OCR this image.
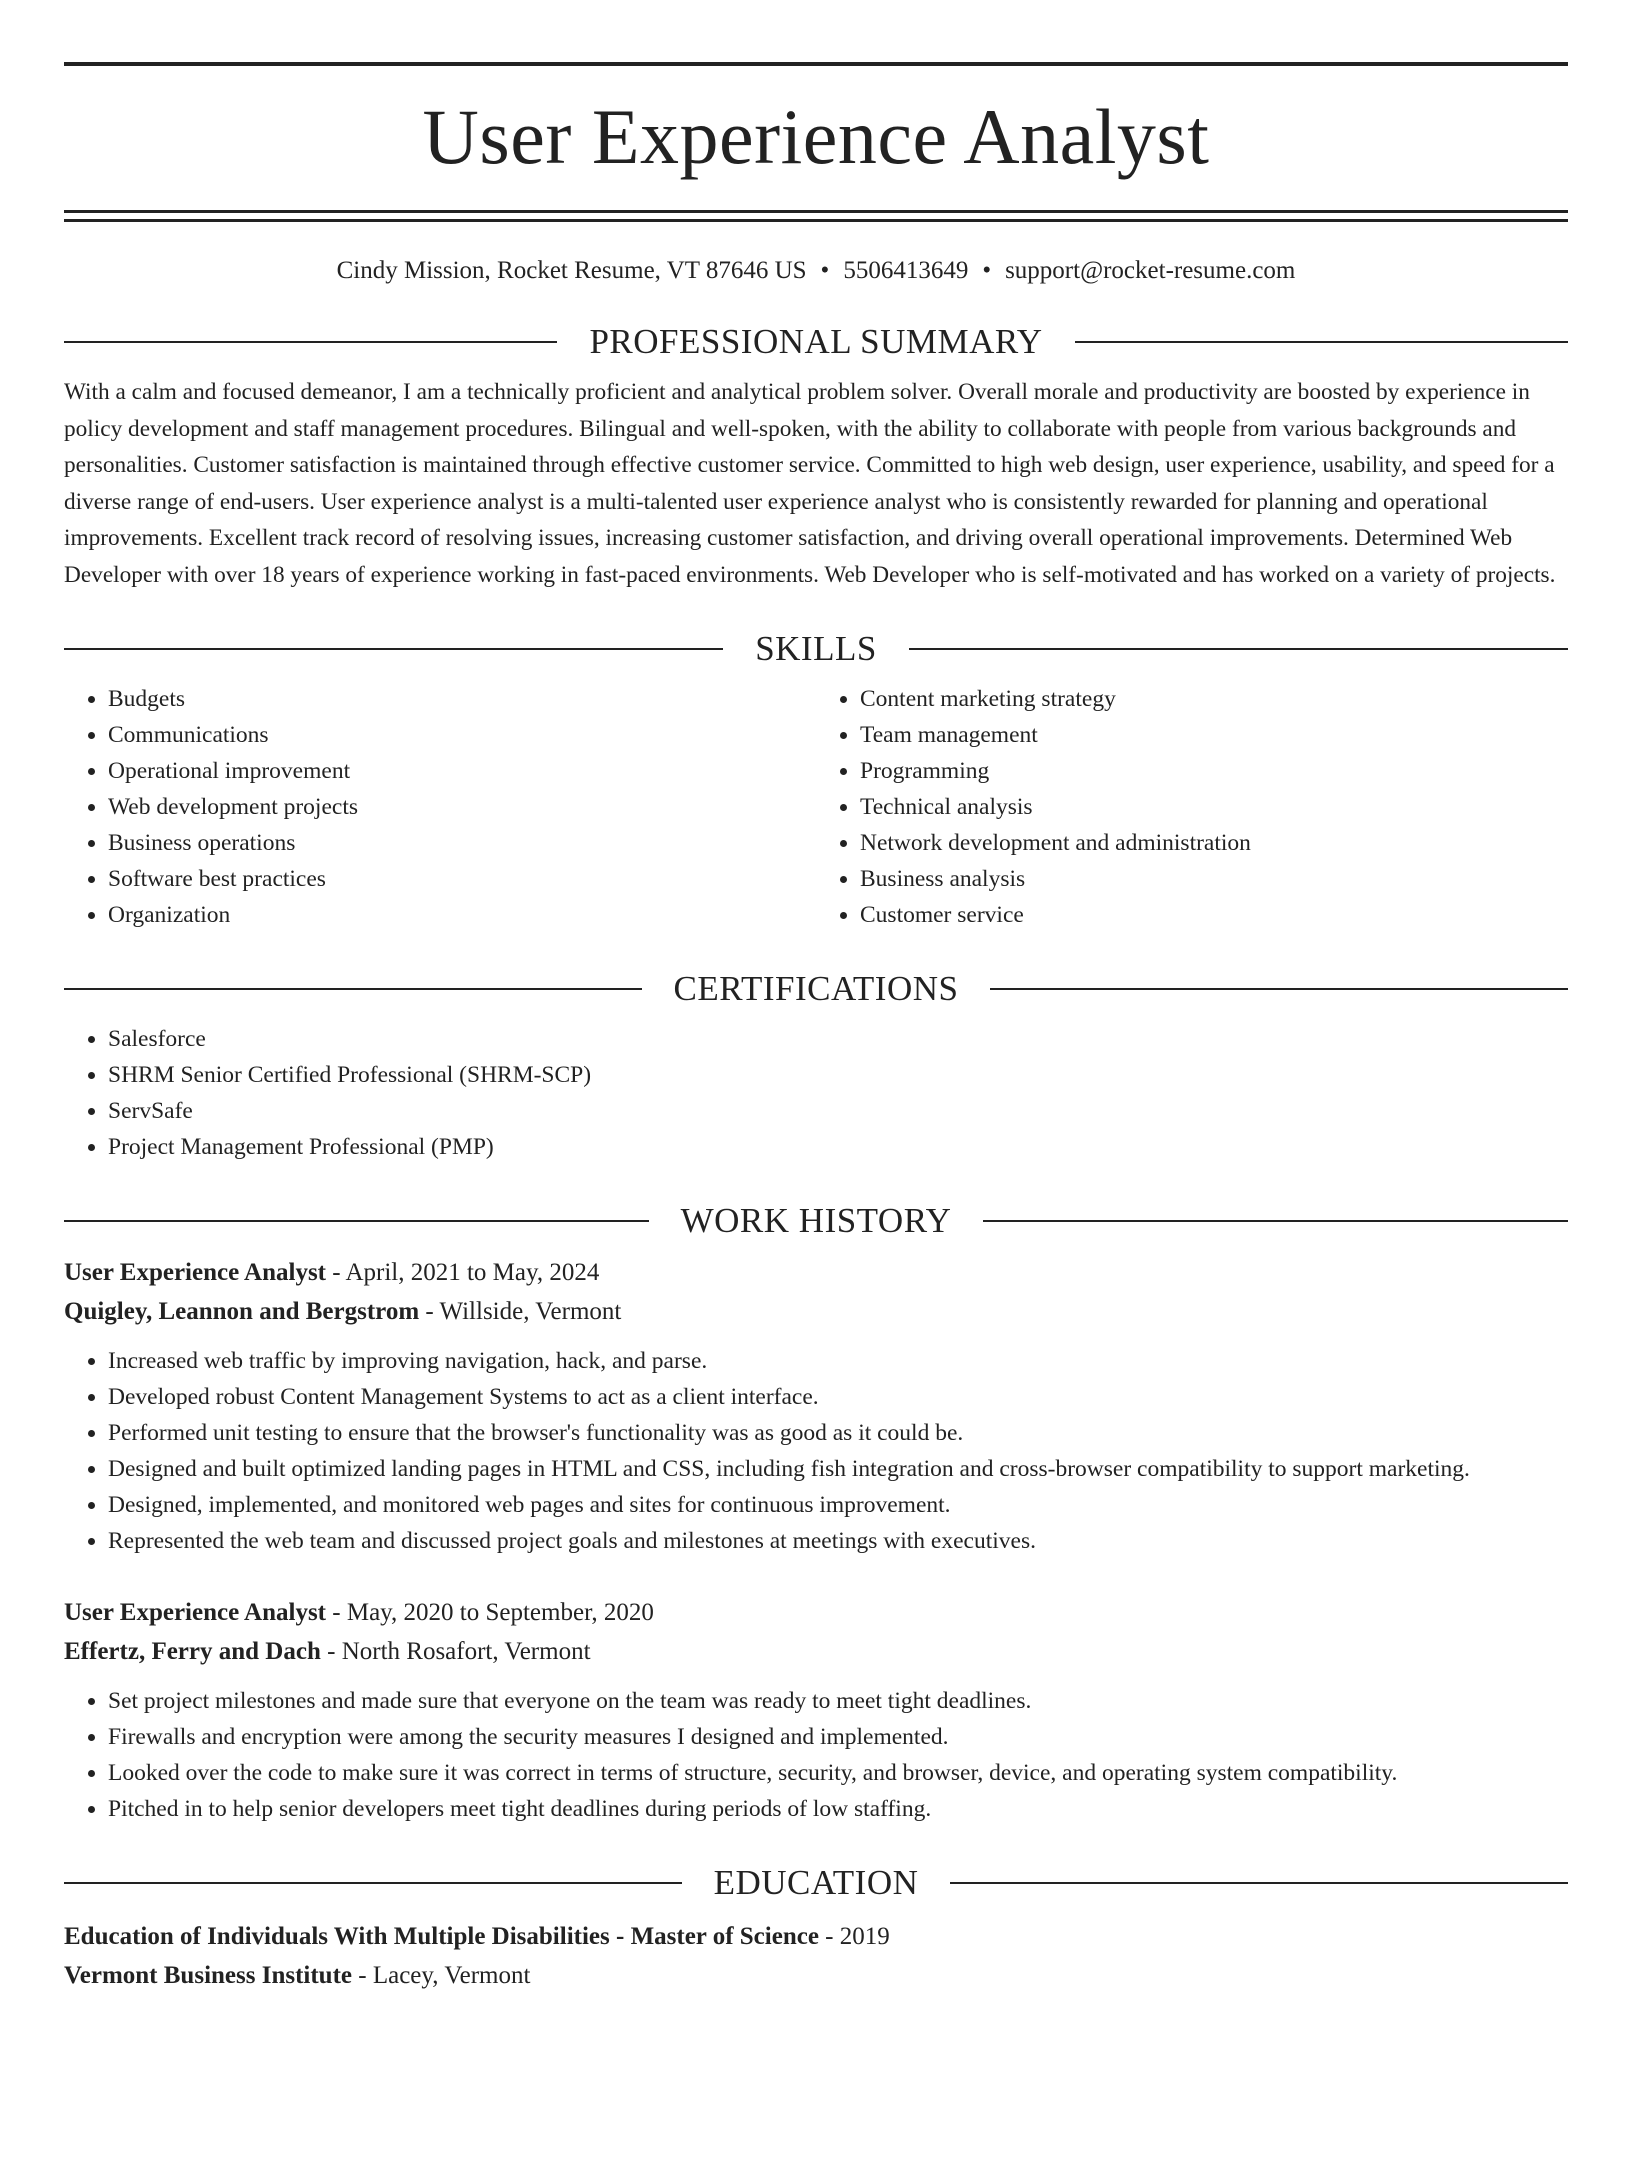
User Experience Analyst
Cindy Mission, Rocket Resume, VT 87646 US • 5506413649 • support@rocket-resume.com
PROFESSIONAL SUMMARY
With a calm and focused demeanor, I am a technically proficient and analytical problem solver. Overall morale and productivity are boosted by experience in policy development and staff management procedures. Bilingual and well-spoken, with the ability to collaborate with people from various backgrounds and personalities. Customer satisfaction is maintained through effective customer service. Committed to high web design, user experience, usability, and speed for a diverse range of end-users. User experience analyst is a multi-talented user experience analyst who is consistently rewarded for planning and operational improvements. Excellent track record of resolving issues, increasing customer satisfaction, and driving overall operational improvements. Determined Web Developer with over 18 years of experience working in fast-paced environments. Web Developer who is self-motivated and has worked on a variety of projects.
SKILLS
• Budgets
• Communications
• Operational improvement
• Web development projects
• Business operations
• Software best practices
• Organization
• Content marketing strategy
• Team management
• Programming
• Technical analysis
• Network development and administration
• Business analysis
• Customer service
CERTIFICATIONS
• Salesforce
• SHRM Senior Certified Professional (SHRM-SCP)
• ServSafe
• Project Management Professional (PMP)
WORK HISTORY
User Experience Analyst - April, 2021 to May, 2024
Quigley, Leannon and Bergstrom - Willside, Vermont
• Increased web traffic by improving navigation, hack, and parse.
• Developed robust Content Management Systems to act as a client interface.
• Performed unit testing to ensure that the browser's functionality was as good as it could be.
• Designed and built optimized landing pages in HTML and CSS, including fish integration and cross-browser compatibility to support marketing.
• Designed, implemented, and monitored web pages and sites for continuous improvement.
• Represented the web team and discussed project goals and milestones at meetings with executives.
User Experience Analyst - May, 2020 to September, 2020
Effertz, Ferry and Dach - North Rosafort, Vermont
• Set project milestones and made sure that everyone on the team was ready to meet tight deadlines.
• Firewalls and encryption were among the security measures I designed and implemented.
• Looked over the code to make sure it was correct in terms of structure, security, and browser, device, and operating system compatibility.
• Pitched in to help senior developers meet tight deadlines during periods of low staffing.
EDUCATION
Education of Individuals With Multiple Disabilities - Master of Science - 2019
Vermont Business Institute - Lacey, Vermont
